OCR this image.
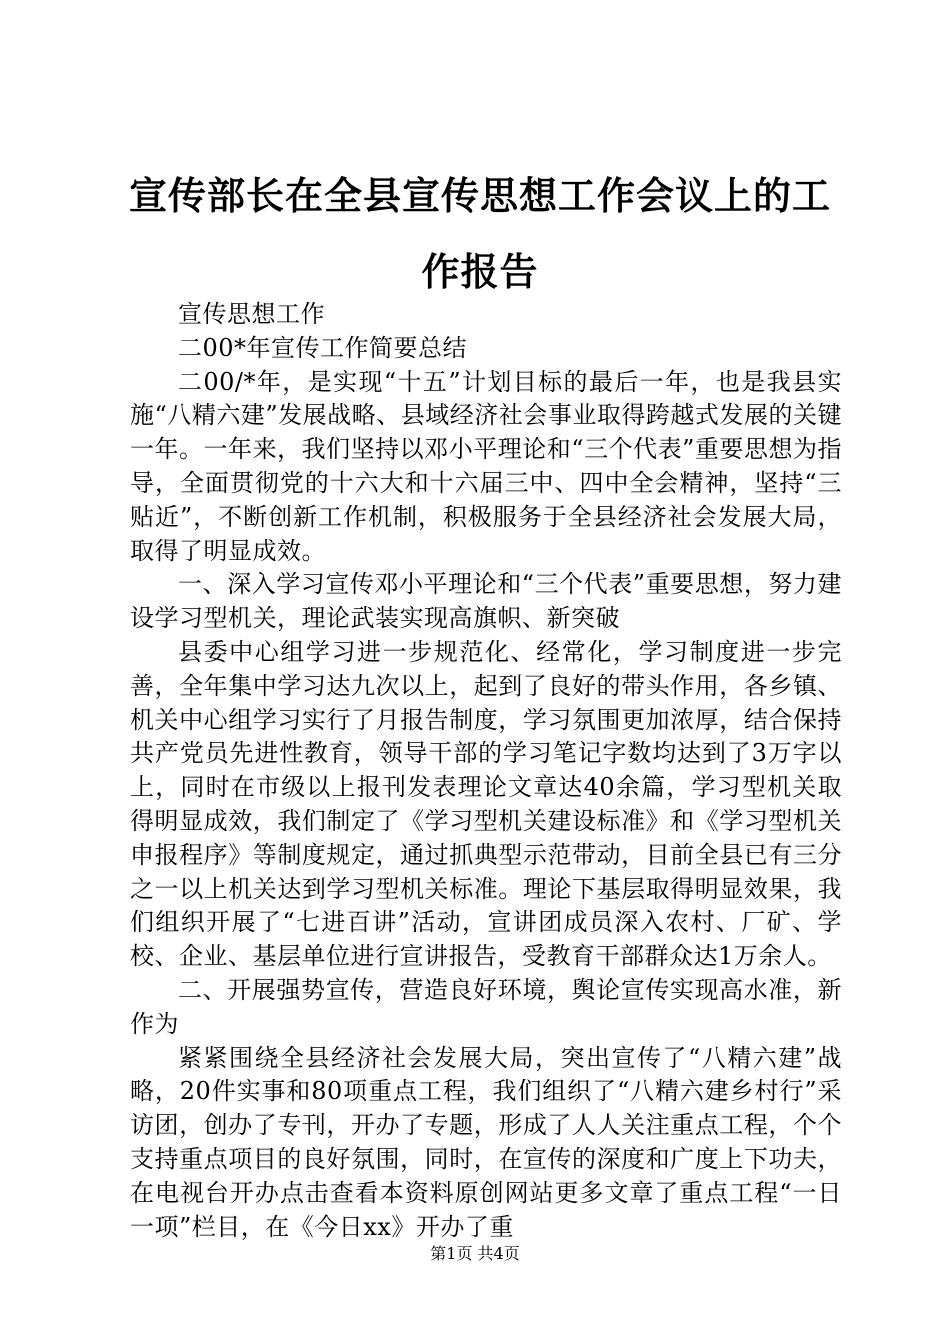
宣传部长在全县宣传思想工作会议上的工作报告

宣传思想工作

二00*年宣传工作简要总结

二00/*年，是实现“十五”计划目标的最后一年，也是我县实施“八精六建”发展战略、县域经济社会事业取得跨越式发展的关键一年。一年来，我们坚持以邓小平理论和“三个代表”重要思想为指导，全面贯彻党的十六大和十六届三中、四中全会精神，坚持“三贴近”，不断创新工作机制，积极服务于全县经济社会发展大局，取得了明显成效。

一、深入学习宣传邓小平理论和“三个代表”重要思想，努力建设学习型机关，理论武装实现高旗帜、新突破

县委中心组学习进一步规范化、经常化，学习制度进一步完善，全年集中学习达九次以上，起到了良好的带头作用，各乡镇、机关中心组学习实行了月报告制度，学习氛围更加浓厚，结合保持共产党员先进性教育，领导干部的学习笔记字数均达到了3万字以上，同时在市级以上报刊发表理论文章达40余篇，学习型机关取得明显成效，我们制定了《学习型机关建设标准》和《学习型机关申报程序》等制度规定，通过抓典型示范带动，目前全县已有三分之一以上机关达到学习型机关标准。理论下基层取得明显效果，我们组织开展了“七进百讲”活动，宣讲团成员深入农村、厂矿、学校、企业、基层单位进行宣讲报告，受教育干部群众达1万余人。

二、开展强势宣传，营造良好环境，舆论宣传实现高水准，新作为

紧紧围绕全县经济社会发展大局，突出宣传了“八精六建”战略，20件实事和80项重点工程，我们组织了“八精六建乡村行”采访团，创办了专刊，开办了专题，形成了人人关注重点工程，个个支持重点项目的良好氛围，同时，在宣传的深度和广度上下功夫，在电视台开办点击查看本资料原创网站更多文章了重点工程“一日一项”栏目，在《今日xx》开办了重

第1页 共4页
